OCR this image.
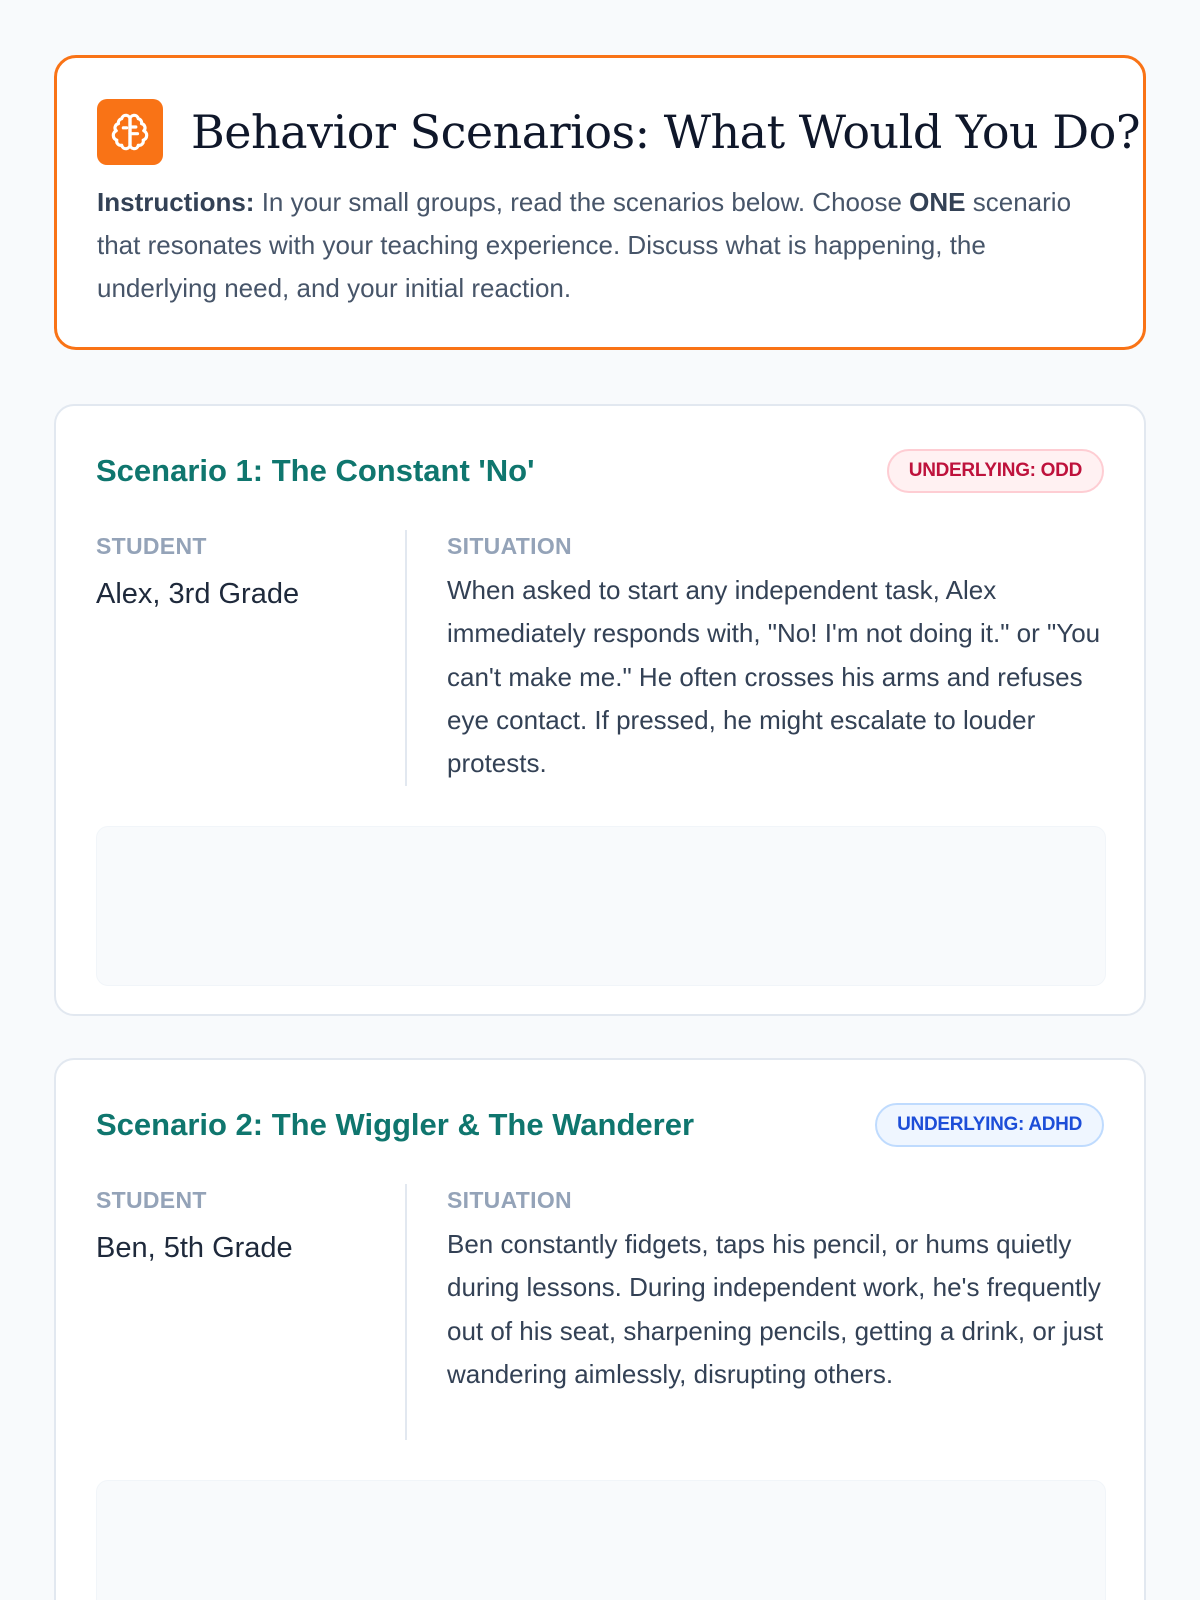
Behavior Scenarios: What Would You Do?

Instructions: In your small groups, read the scenarios below. Choose ONE scenario that resonates with your teaching experience. Discuss what is happening, the underlying need, and your initial reaction.

Scenario 1: The Constant 'No'	UNDERLYING: ODD
STUDENT
Alex, 3rd Grade
SITUATION
When asked to start any independent task, Alex immediately responds with, "No! I'm not doing it." or "You can't make me." He often crosses his arms and refuses eye contact. If pressed, he might escalate to louder protests.
Scenario 2: The Wiggler & The Wanderer	UNDERLYING: ADHD
STUDENT
Ben, 5th Grade
SITUATION
Ben constantly fidgets, taps his pencil, or hums quietly during lessons. During independent work, he's frequently out of his seat, sharpening pencils, getting a drink, or just wandering aimlessly, disrupting others.
